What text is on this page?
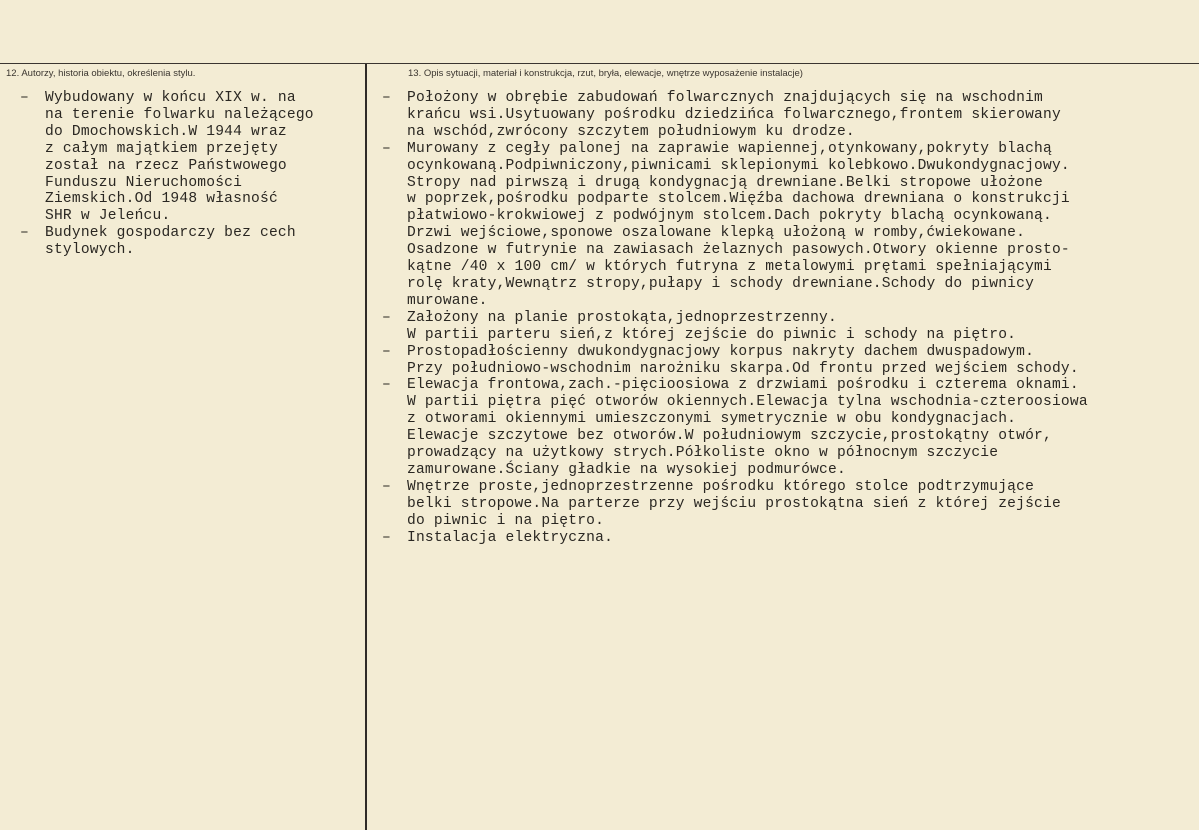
12. Autorzy, historia obiektu, określenia stylu.	13. Opis sytuacji, materiał i konstrukcja, rzut, bryła, elewacje, wnętrze wyposażenie instalacje)
– Wybudowany w końcu XIX w. na
na terenie folwarku należącego
do Dmochowskich.W 1944 wraz
z całym majątkiem przejęty
został na rzecz Państwowego
Funduszu Nieruchomości
Ziemskich.Od 1948 własność
SHR w Jeleńcu.
– Budynek gospodarczy bez cech
stylowych.
– Położony w obrębie zabudowań folwarcznych znajdujących się na wschodnim
krańcu wsi.Usytuowany pośrodku dziedzińca folwarcznego,frontem skierowany
na wschód,zwrócony szczytem południowym ku drodze.
– Murowany z cegły palonej na zaprawie wapiennej,otynkowany,pokryty blachą
ocynkowaną.Podpiwniczony,piwnicami sklepionymi kolebkowo.Dwukondygnacjowy.
Stropy nad pirwszą i drugą kondygnacją drewniane.Belki stropowe ułożone
w poprzek,pośrodku podparte stolcem.Więźba dachowa drewniana o konstrukcji
płatwiowo-krokwiowej z podwójnym stolcem.Dach pokryty blachą ocynkowaną.
Drzwi wejściowe,sponowe oszalowane klepką ułożoną w romby,ćwiekowane.
Osadzone w futrynie na zawiasach żelaznych pasowych.Otwory okienne prosto-
kątne /40 x 100 cm/ w których futryna z metalowymi prętami spełniającymi
rolę kraty,Wewnątrz stropy,pułapy i schody drewniane.Schody do piwnicy
murowane.
– Założony na planie prostokąta,jednoprzestrzenny.
W partii parteru sień,z której zejście do piwnic i schody na piętro.
– Prostopadłościenny dwukondygnacjowy korpus nakryty dachem dwuspadowym.
Przy południowo-wschodnim narożniku skarpa.Od frontu przed wejściem schody.
– Elewacja frontowa,zach.-pięcioosiowa z drzwiami pośrodku i czterema oknami.
W partii piętra pięć otworów okiennych.Elewacja tylna wschodnia-czteroosiowa
z otworami okiennymi umieszczonymi symetrycznie w obu kondygnacjach.
Elewacje szczytowe bez otworów.W południowym szczycie,prostokątny otwór,
prowadzący na użytkowy strych.Półkoliste okno w północnym szczycie
zamurowane.Ściany gładkie na wysokiej podmurówce.
– Wnętrze proste,jednoprzestrzenne pośrodku którego stolce podtrzymujące
belki stropowe.Na parterze przy wejściu prostokątna sień z której zejście
do piwnic i na piętro.
– Instalacja elektryczna.
